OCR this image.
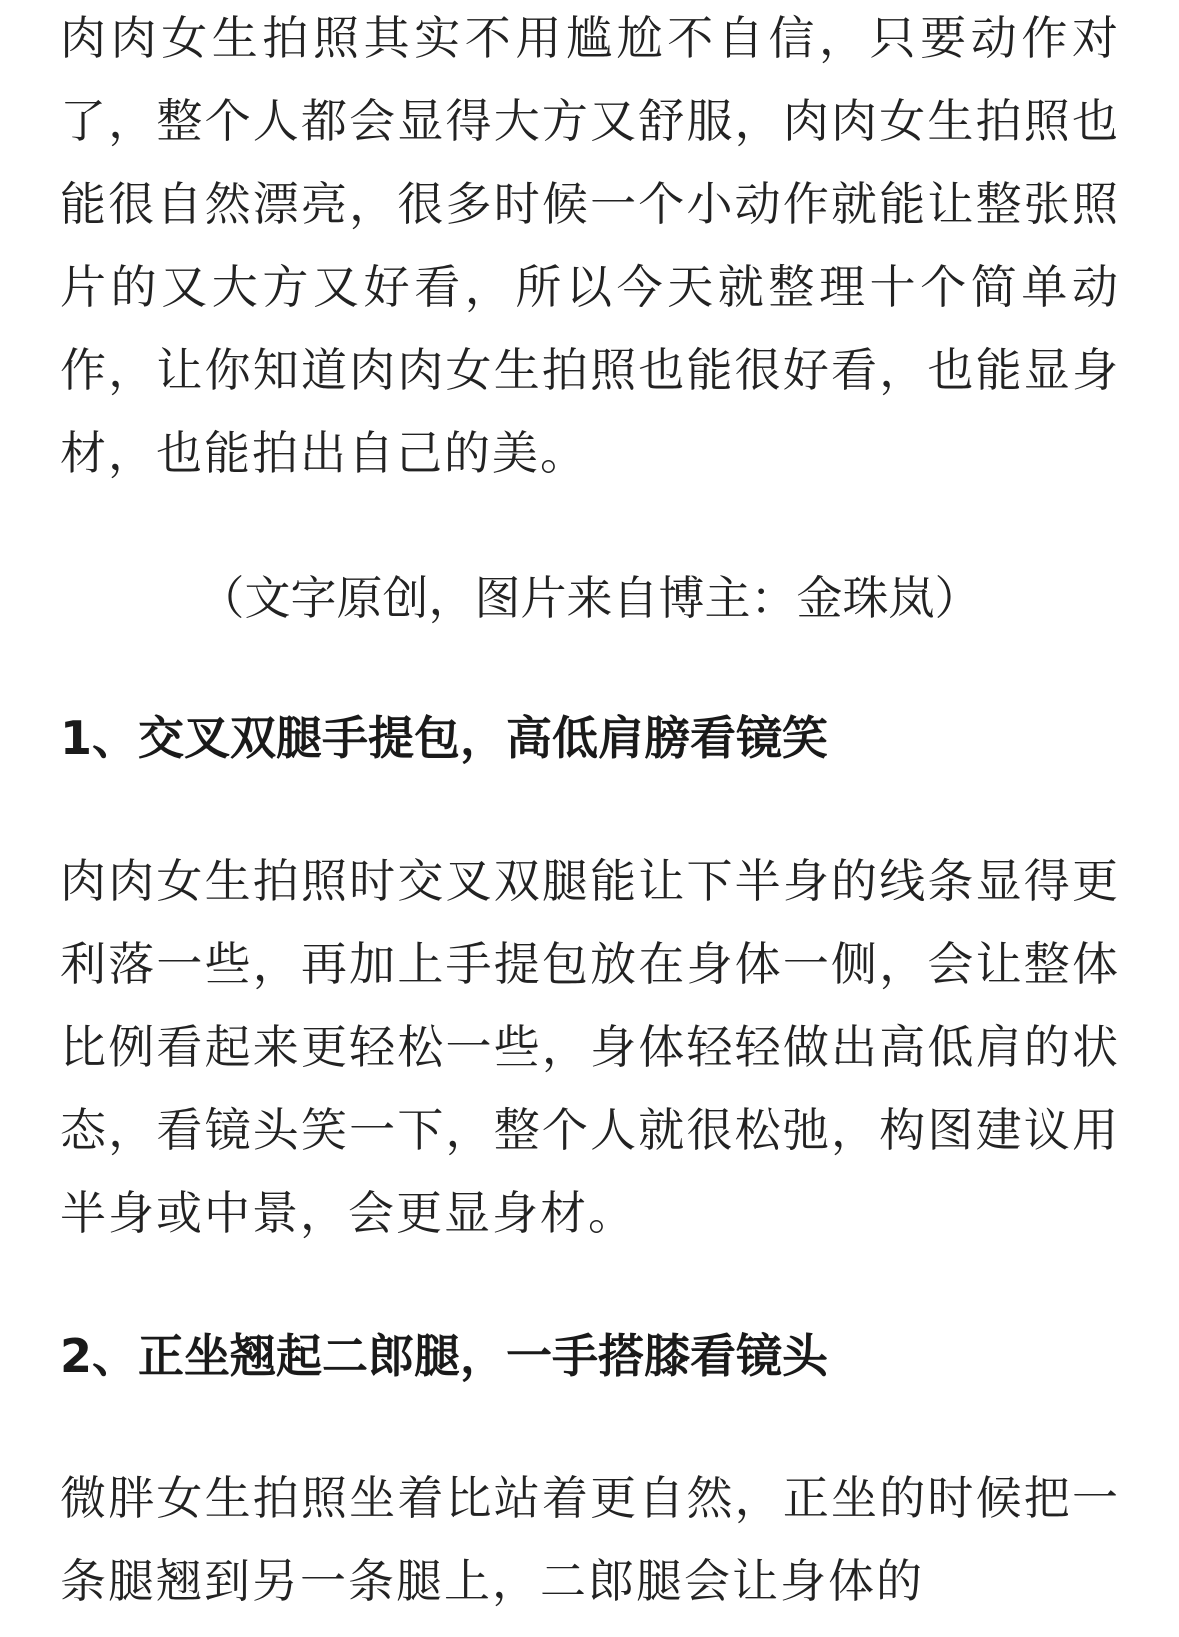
肉肉女生拍照其实不用尴尬不自信，只要动作对了，整个人都会显得大方又舒服，肉肉女生拍照也能很自然漂亮，很多时候一个小动作就能让整张照片的又大方又好看，所以今天就整理十个简单动作，让你知道肉肉女生拍照也能很好看，也能显身材，也能拍出自己的美。

（文字原创，图片来自博主：金珠岚）

1、交叉双腿手提包，高低肩膀看镜笑

肉肉女生拍照时交叉双腿能让下半身的线条显得更利落一些，再加上手提包放在身体一侧，会让整体比例看起来更轻松一些，身体轻轻做出高低肩的状态，看镜头笑一下，整个人就很松弛，构图建议用半身或中景，会更显身材。

2、正坐翘起二郎腿，一手搭膝看镜头

微胖女生拍照坐着比站着更自然，正坐的时候把一条腿翘到另一条腿上，二郎腿会让身体的
